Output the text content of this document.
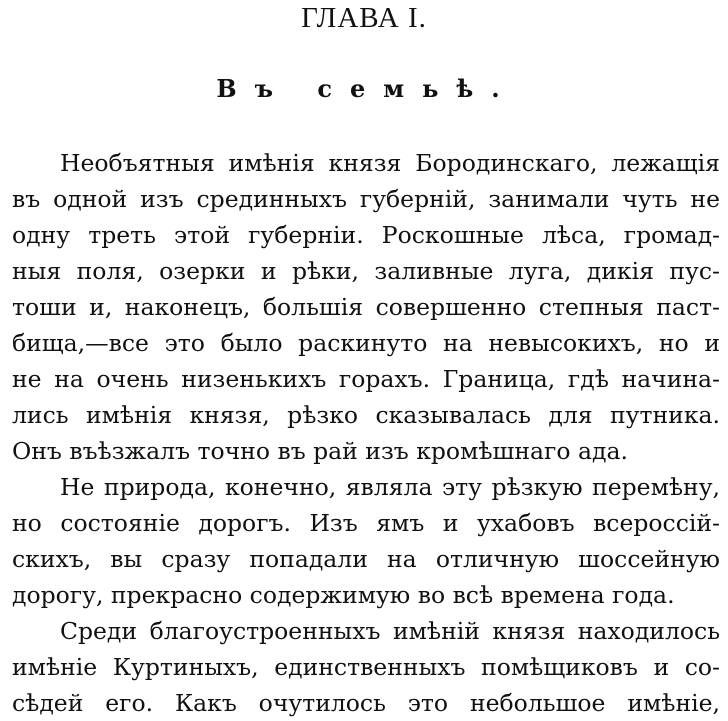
ГЛАВА I.
Въ семьѣ.
Необъятныя имѣнія князя Бородинскаго, лежащія
въ одной изъ срединныхъ губерній, занимали чуть не
одну треть этой губерніи. Роскошные лѣса, громад-
ныя поля, озерки и рѣки, заливные луга, дикія пус-
тоши и, наконецъ, большія совершенно степныя паст-
бища,—все это было раскинуто на невысокихъ, но и
не на очень низенькихъ горахъ. Граница, гдѣ начина-
лись имѣнія князя, рѣзко сказывалась для путника.
Онъ въѣзжалъ точно въ рай изъ кромѣшнаго ада.
Не природа, конечно, являла эту рѣзкую перемѣну,
но состояніе дорогъ. Изъ ямъ и ухабовъ всероссій-
скихъ, вы сразу попадали на отличную шоссейную
дорогу, прекрасно содержимую во всѣ времена года.
Среди благоустроенныхъ имѣній князя находилось
имѣніе Куртиныхъ, единственныхъ помѣщиковъ и со-
сѣдей его. Какъ очутилось это небольшое имѣніе,
